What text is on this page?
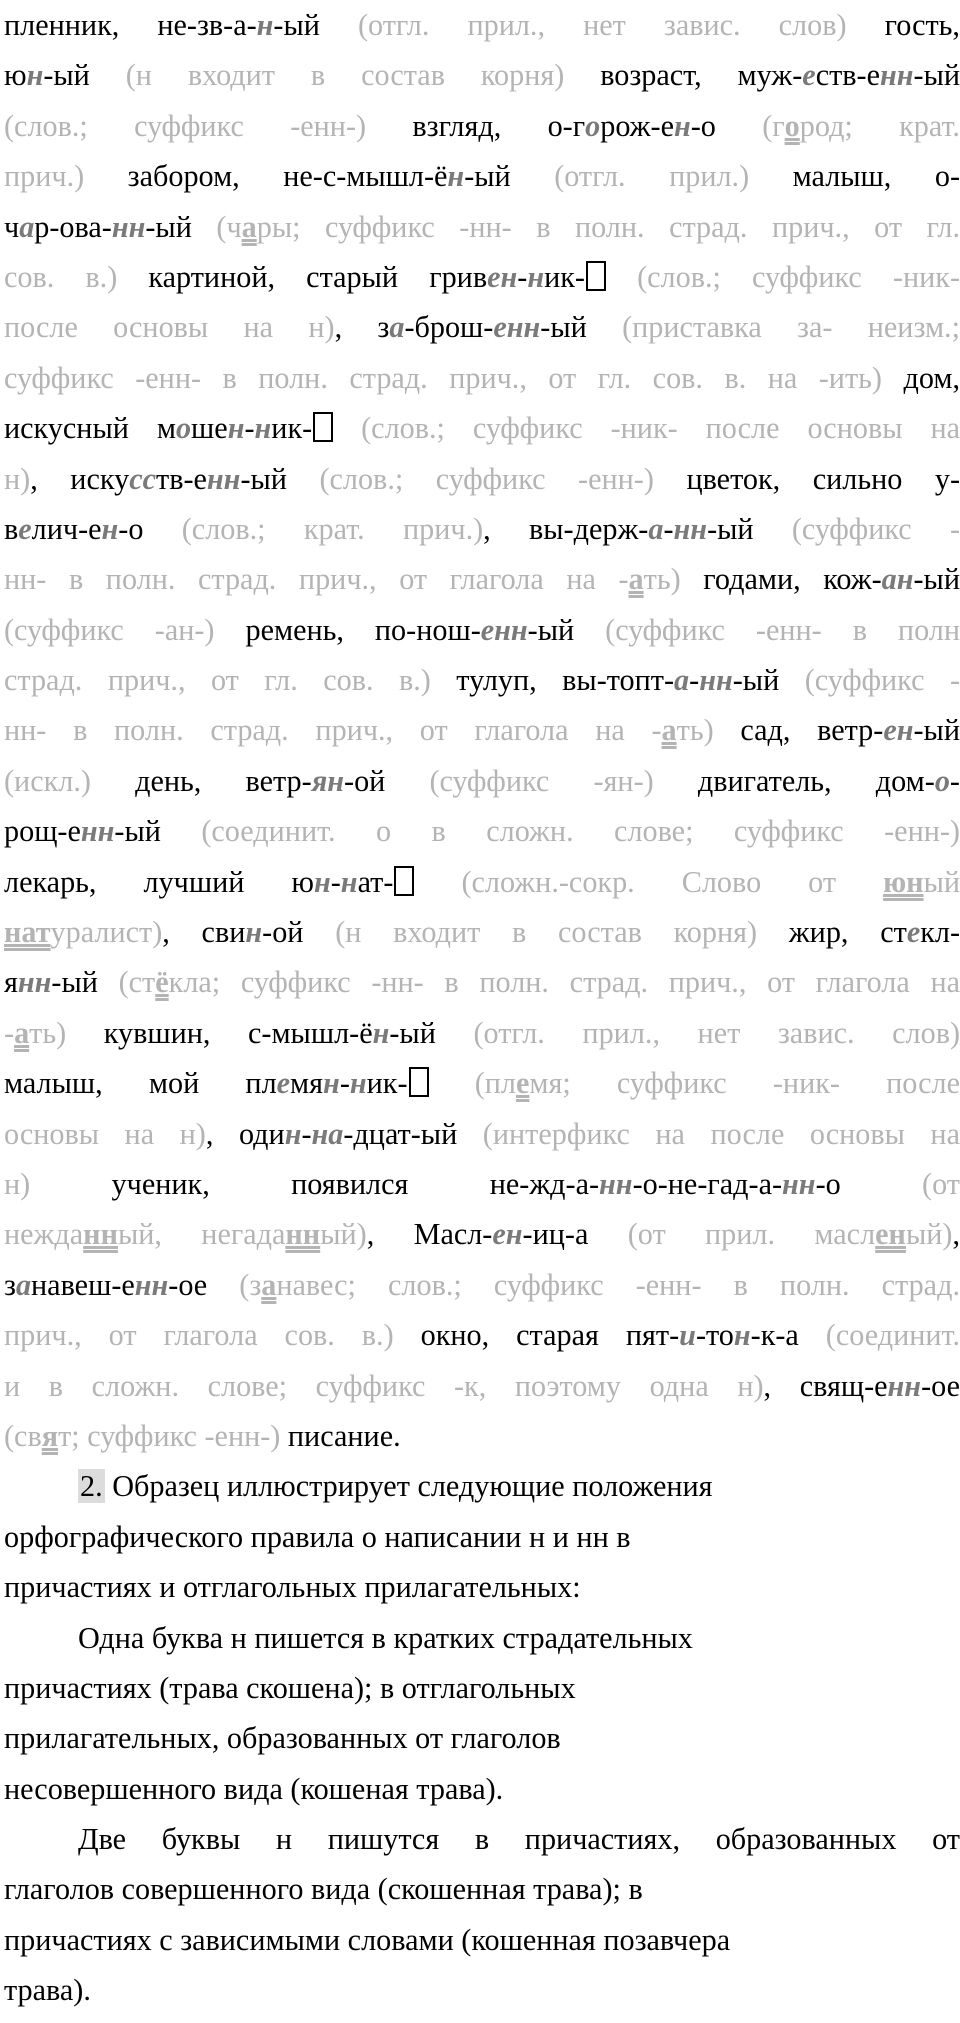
пленник, не-зв-а-н-ый (отгл. прил., нет завис. слов) гость,
юн-ый (н входит в состав корня) возраст, муж-еств-енн-ый
(слов.; суффикс -енн-) взгляд, о-горож-ен-о (город; крат.
прич.) забором, не-с-мышл-ён-ый (отгл. прил.) малыш, о-
чар-ова-нн-ый (чары; суффикс -нн- в полн. страд. прич., от гл.
сов. в.) картиной, старый гривен-ник- (слов.; суффикс -ник-
после основы на н), за-брош-енн-ый (приставка за- неизм.;
суффикс -енн- в полн. страд. прич., от гл. сов. в. на -ить) дом,
искусный мошен-ник- (слов.; суффикс -ник- после основы на
н), искусств-енн-ый (слов.; суффикс -енн-) цветок, сильно у-
велич-ен-о (слов.; крат. прич.), вы-держ-а-нн-ый (суффикс -
нн- в полн. страд. прич., от глагола на -ать) годами, кож-ан-ый
(суффикс -ан-) ремень, по-нош-енн-ый (суффикс -енн- в полн
страд. прич., от гл. сов. в.) тулуп, вы-топт-а-нн-ый (суффикс -
нн- в полн. страд. прич., от глагола на -ать) сад, ветр-ен-ый
(искл.) день, ветр-ян-ой (суффикс -ян-) двигатель, дом-о-
рощ-енн-ый (соединит. о в сложн. слове; суффикс -енн-)
лекарь, лучший юн-нат- (сложн.-сокр. Слово от юный
натуралист), свин-ой (н входит в состав корня) жир, стекл-
янн-ый (стёкла; суффикс -нн- в полн. страд. прич., от глагола на
-ать) кувшин, с-мышл-ён-ый (отгл. прил., нет завис. слов)
малыш, мой племян-ник- (племя; суффикс -ник- после
основы на н), один-на-дцат-ый (интерфикс на после основы на
н) ученик, появился не-жд-а-нн-о-не-гад-а-нн-о (от
нежданный, негаданный), Масл-ен-иц-а (от прил. масленый),
занавеш-енн-ое (занавес; слов.; суффикс -енн- в полн. страд.
прич., от глагола сов. в.) окно, старая пят-и-тон-к-а (соединит.
и в сложн. слове; суффикс -к, поэтому одна н), свящ-енн-ое
(свят; суффикс -енн-) писание.
2. Образец иллюстрирует следующие положения
орфографического правила о написании н и нн в
причастиях и отглагольных прилагательных:
Одна буква н пишется в кратких страдательных
причастиях (трава скошена); в отглагольных
прилагательных, образованных от глаголов
несовершенного вида (кошеная трава).
Две буквы н пишутся в причастиях, образованных от
глаголов совершенного вида (скошенная трава); в
причастиях с зависимыми словами (кошенная позавчера
трава).
